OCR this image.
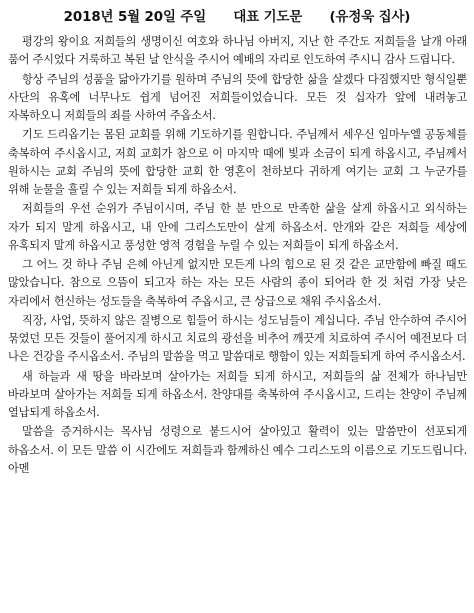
2018년 5월 20일 주일      대표 기도문      (유정욱 집사)

평강의 왕이요 저희들의 생명이신 여호와 하나님 아버지, 지난 한 주간도 저희들을 날개 아래 품어 주시었다 거룩하고 복된 날 안식을 주시어 예배의 자리로 인도하여 주시니 감사 드립니다.

항상 주님의 성품을 닮아가기를 원하며 주님의 뜻에 합당한 삶을 살겠다 다짐했지만 형식일뿐 사단의 유혹에 너무나도 쉽게 넘어진 저희들이었습니다. 모든 것 십자가 앞에 내려놓고 자복하오니 저희들의 죄를 사하여 주옵소서.

기도 드리옵기는 몸된 교회를 위해 기도하기를 원합니다. 주님께서 세우신 임마누엘 공동체를 축복하여 주시옵시고, 저희 교회가 참으로 이 마지막 때에 빛과 소금이 되게 하옵시고, 주님께서 원하시는 교회 주님의 뜻에 합당한 교회 한 영혼이 천하보다 귀하게 여기는 교회 그 누군가를 위해 눈물을 흘릴 수 있는 저희들 되게 하옵소서.

저희들의 우선 순위가 주님이시며, 주님 한 분 만으로 만족한 삶을 살게 하옵시고 외식하는 자가 되지 말게 하옵시고, 내 안에 그리스도만이 살게 하옵소서. 안개와 같은 저희들 세상에 유혹되지 말게 하옵시고 풍성한 영적 경험을 누릴 수 있는 저희들이 되게 하옵소서.

그 어느 것 하나 주님 은혜 아닌게 없지만 모든게 나의 힘으로 된 것 같은 교만함에 빠질 때도 많았습니다. 참으로 으뜸이 되고자 하는 자는 모든 사람의 종이 되어라 한 것 처럼 가장 낮은 자리에서 헌신하는 성도들을 축복하여 주옵시고, 큰 상급으로 채워 주시옵소서.

직장, 사업, 뜻하지 않은 질병으로 힘들어 하시는 성도님들이 계십니다. 주님 안수하여 주시어 묶였던 모든 것들이 풀어지게 하시고 치료의 광선을 비추어 깨끗게 치료하여 주시어 예전보다 더 나은 건강을 주시옵소서. 주님의 말씀을 먹고 말씀대로 행함이 있는 저희들되게 하여 주시옵소서.

새 하늘과 새 땅을 바라보며 살아가는 저희들 되게 하시고, 저희들의 삶 전체가 하나님만 바라보며 살아가는 저희들 되게 하옵소서. 찬양대를 축복하여 주시옵시고, 드리는 찬양이 주님께 열납되게 하옵소서.

말씀을 증거하시는 목사님 성령으로 붙드시어 살아있고 활력이 있는 말씀만이 선포되게 하옵소서. 이 모든 말씀 이 시간에도 저희들과 함께하신 예수 그리스도의 이름으로 기도드립니다. 아멘
